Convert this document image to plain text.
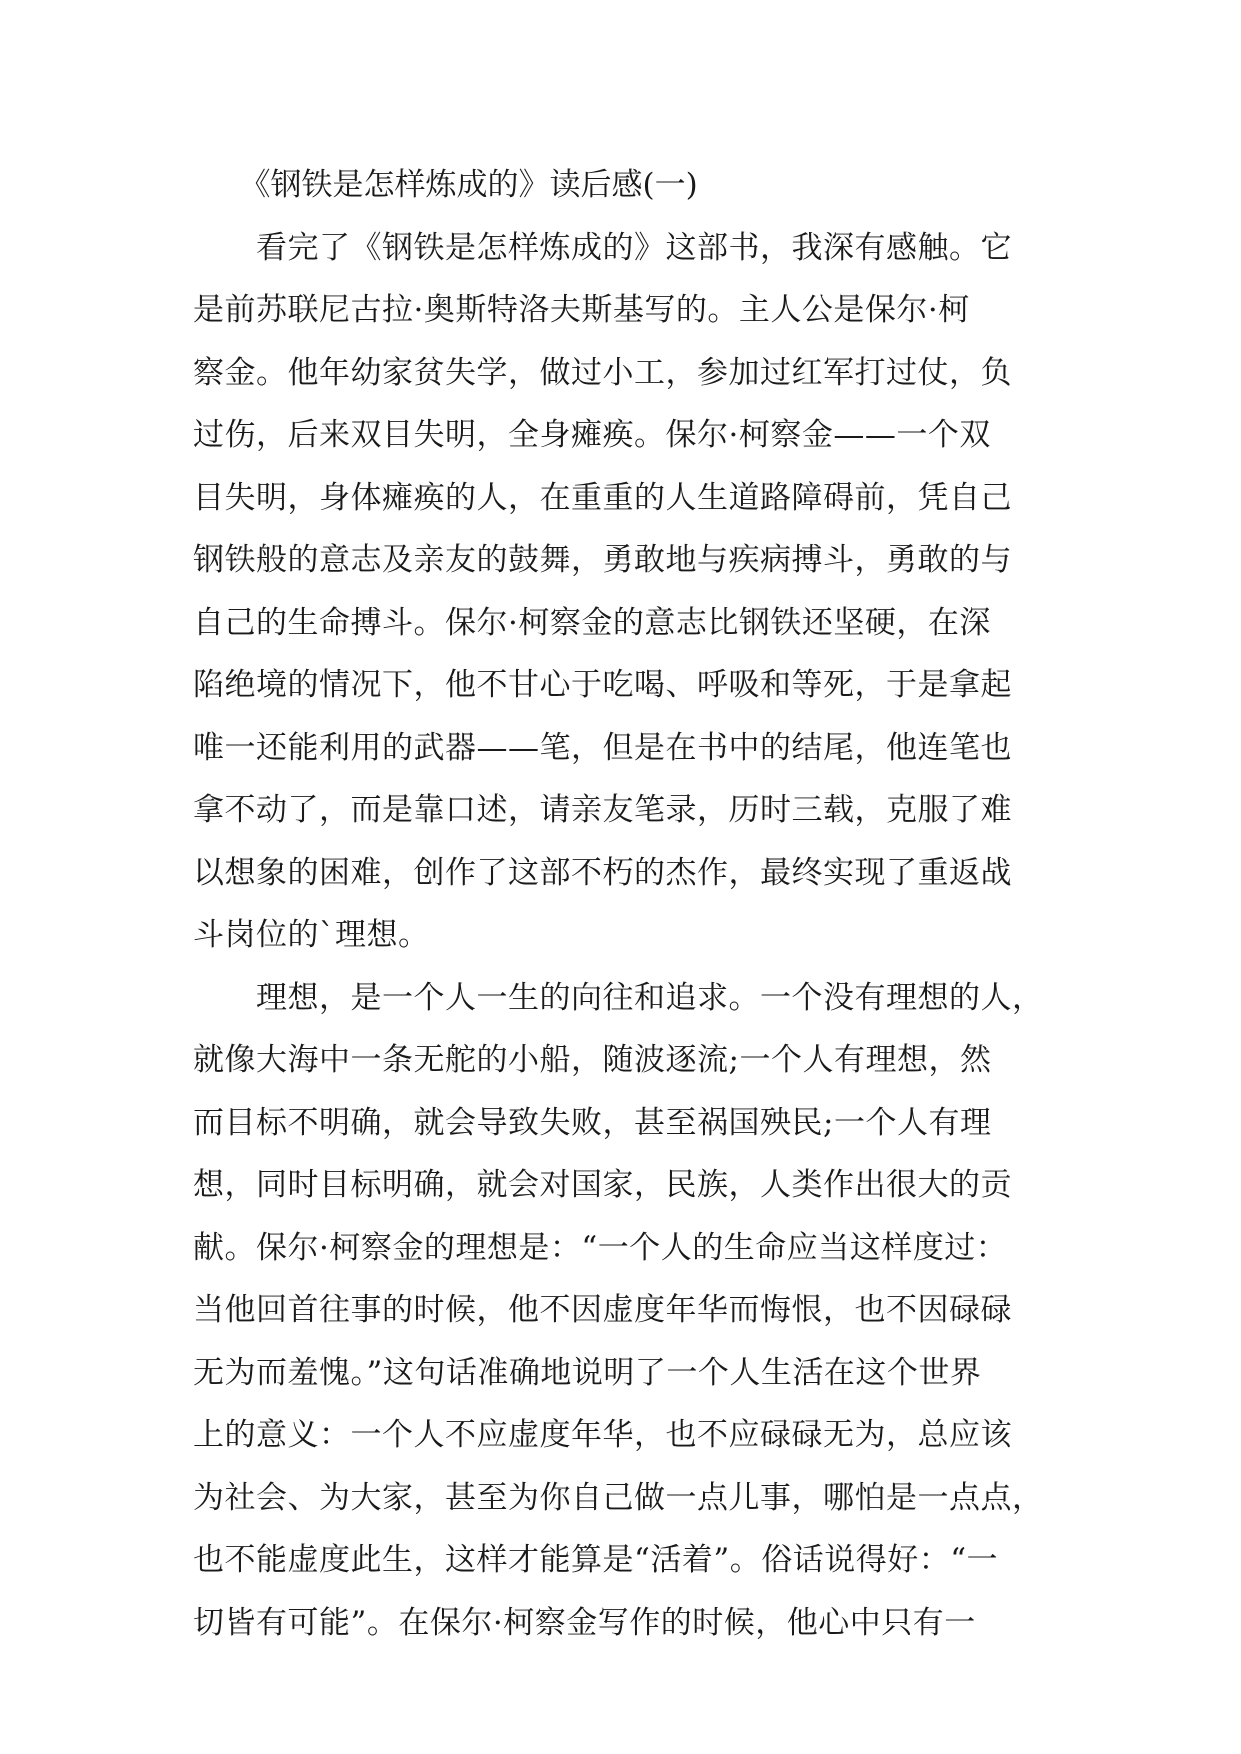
　　《钢铁是怎样炼成的》读后感(一)
　　看完了《钢铁是怎样炼成的》这部书，我深有感触。它
是前苏联尼古拉·奥斯特洛夫斯基写的。主人公是保尔·柯
察金。他年幼家贫失学，做过小工，参加过红军打过仗，负
过伤，后来双目失明，全身瘫痪。保尔·柯察金——一个双
目失明，身体瘫痪的人，在重重的人生道路障碍前，凭自己
钢铁般的意志及亲友的鼓舞，勇敢地与疾病搏斗，勇敢的与
自己的生命搏斗。保尔·柯察金的意志比钢铁还坚硬，在深
陷绝境的情况下，他不甘心于吃喝、呼吸和等死，于是拿起
唯一还能利用的武器——笔，但是在书中的结尾，他连笔也
拿不动了，而是靠口述，请亲友笔录，历时三载，克服了难
以想象的困难，创作了这部不朽的杰作，最终实现了重返战
斗岗位的`理想。
　　理想，是一个人一生的向往和追求。一个没有理想的人，
就像大海中一条无舵的小船，随波逐流;一个人有理想，然
而目标不明确，就会导致失败，甚至祸国殃民;一个人有理
想，同时目标明确，就会对国家，民族，人类作出很大的贡
献。保尔·柯察金的理想是：“一个人的生命应当这样度过：
当他回首往事的时候，他不因虚度年华而悔恨，也不因碌碌
无为而羞愧。”这句话准确地说明了一个人生活在这个世界
上的意义：一个人不应虚度年华，也不应碌碌无为，总应该
为社会、为大家，甚至为你自己做一点儿事，哪怕是一点点，
也不能虚度此生，这样才能算是“活着”。俗话说得好：“一
切皆有可能”。在保尔·柯察金写作的时候，他心中只有一
